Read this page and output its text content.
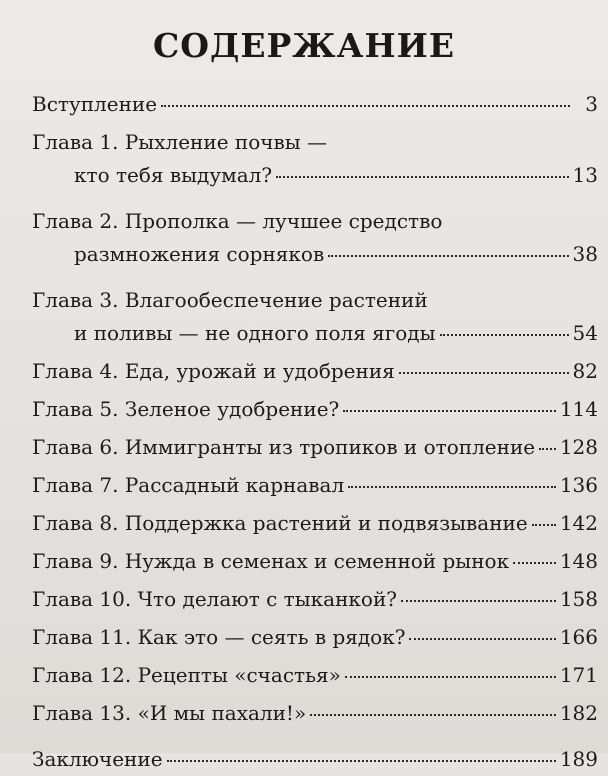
СОДЕРЖАНИЕ
Вступление	3
Глава 1. Рыхление почвы —
кто тебя выдумал?	13
Глава 2. Прополка — лучшее средство
размножения сорняков	38
Глава 3. Влагообеспечение растений
и поливы — не одного поля ягоды	54
Глава 4. Еда, урожай и удобрения	82
Глава 5. Зеленое удобрение?	114
Глава 6. Иммигранты из тропиков и отопление 128
Глава 7. Рассадный карнавал	136
Глава 8. Поддержка растений и подвязывание 142
Глава 9. Нужда в семенах и семенной рынок	148
Глава 10. Что делают с тыканкой?	158
Глава 11. Как это — сеять в рядок?	166
Глава 12. Рецепты «счастья»	171
Глава 13. «И мы пахали!»	182
Заключение	189
